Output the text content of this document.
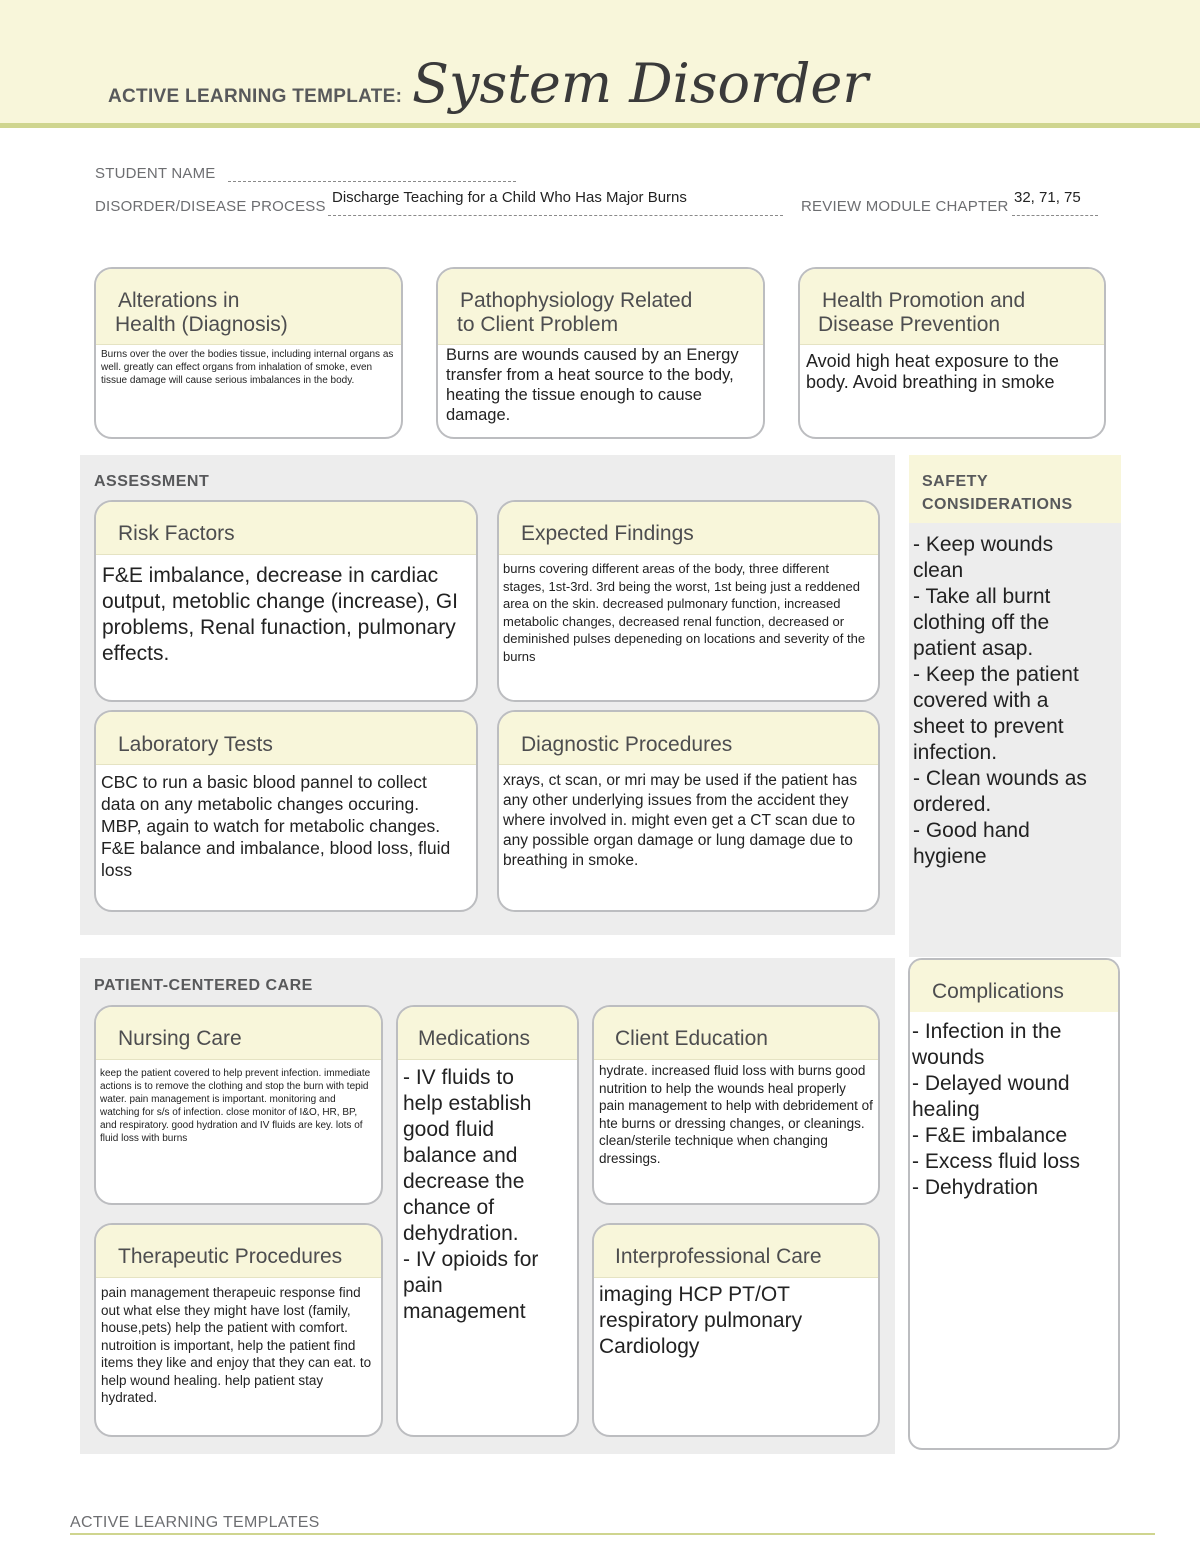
ACTIVE LEARNING TEMPLATE: System Disorder
STUDENT NAME
DISORDER/DISEASE PROCESS
Discharge Teaching for a Child Who Has Major Burns
REVIEW MODULE CHAPTER
32, 71, 75
Alterations in
Health (Diagnosis)
Burns over the over the bodies tissue, including internal organs as well. greatly can effect organs from inhalation of smoke, even tissue damage will cause serious imbalances in the body.
Pathophysiology Related
to Client Problem
Burns are wounds caused by an Energy transfer from a heat source to the body, heating the tissue enough to cause damage.
Health Promotion and
Disease Prevention
Avoid high heat exposure to the body. Avoid breathing in smoke
ASSESSMENT
Risk Factors
F&E imbalance, decrease in cardiac output, metoblic change (increase), GI problems, Renal funaction, pulmonary effects.
Expected Findings
burns covering different areas of the body, three different stages, 1st-3rd. 3rd being the worst, 1st being just a reddened area on the skin. decreased pulmonary function, increased metabolic changes, decreased renal function, decreased or deminished pulses depeneding on locations and severity of the burns
Laboratory Tests
CBC to run a basic blood pannel to collect data on any metabolic changes occuring. MBP, again to watch for metabolic changes. F&E balance and imbalance, blood loss, fluid loss
Diagnostic Procedures
xrays, ct scan, or mri may be used if the patient has any other underlying issues from the accident they where involved in. might even get a CT scan due to any possible organ damage or lung damage due to breathing in smoke.
SAFETY
CONSIDERATIONS
- Keep wounds
clean
- Take all burnt
clothing off the
patient asap.
- Keep the patient
covered with a
sheet to prevent
infection.
- Clean wounds as
ordered.
- Good hand
hygiene
PATIENT-CENTERED CARE
Nursing Care
keep the patient covered to help prevent infection. immediate actions is to remove the clothing and stop the burn with tepid water. pain management is important. monitoring and watching for s/s of infection. close monitor of I&O, HR, BP, and respiratory. good hydration and IV fluids are key. lots of fluid loss with burns
Medications
- IV fluids to
help establish
good fluid
balance and
decrease the
chance of
dehydration.
- IV opioids for
pain
management
Client Education
hydrate. increased fluid loss with burns good nutrition to help the wounds heal properly pain management to help with debridement of hte burns or dressing changes, or cleanings. clean/sterile technique when changing dressings.
Therapeutic Procedures
pain management therapeuic response find out what else they might have lost (family, house,pets) help the patient with comfort. nutroition is important, help the patient find items they like and enjoy that they can eat. to help wound healing. help patient stay hydrated.
Interprofessional Care
imaging HCP PT/OT respiratory pulmonary Cardiology
Complications
- Infection in the
wounds
- Delayed wound
healing
- F&E imbalance
- Excess fluid loss
- Dehydration
ACTIVE LEARNING TEMPLATES
